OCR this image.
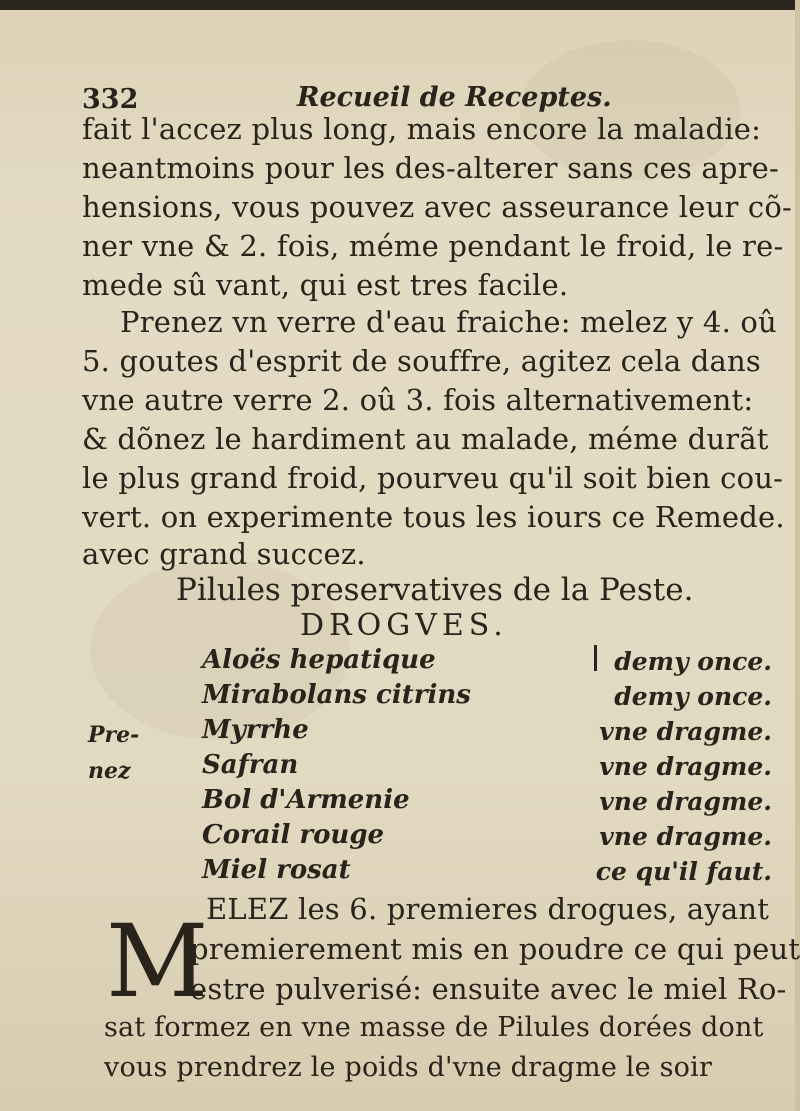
332	Recueil de Receptes.
fait l'accez plus long, mais encore la maladie:
neantmoins pour les des-alterer sans ces apre-
hensions, vous pouvez avec asseurance leur cõ-
ner vne & 2. fois, méme pendant le froid, le re-
mede sû vant, qui est tres facile.
Prenez vn verre d'eau fraiche: melez y 4. oû
5. goutes d'esprit de souffre, agitez cela dans
vne autre verre 2. oû 3. fois alternativement:
& dõnez le hardiment au malade, méme durãt
le plus grand froid, pourveu qu'il soit bien cou-
vert. on experimente tous les iours ce Remede.
avec grand succez.
Pilules preservatives de la Peste.
DROGVES.
Aloës hepatique	demy once.
Mirabolans citrins	demy once.
Myrrhe	vne dragme.
Safran	vne dragme.
Bol d'Armenie	vne dragme.
Corail rouge	vne dragme.
Miel rosat	ce qu'il faut.
Pre-
nez
M
ELEZ les 6. premieres drogues, ayant
premierement mis en poudre ce qui peut
estre pulverisé: ensuite avec le miel Ro-
sat formez en vne masse de Pilules dorées dont
vous prendrez le poids d'vne dragme le soir
